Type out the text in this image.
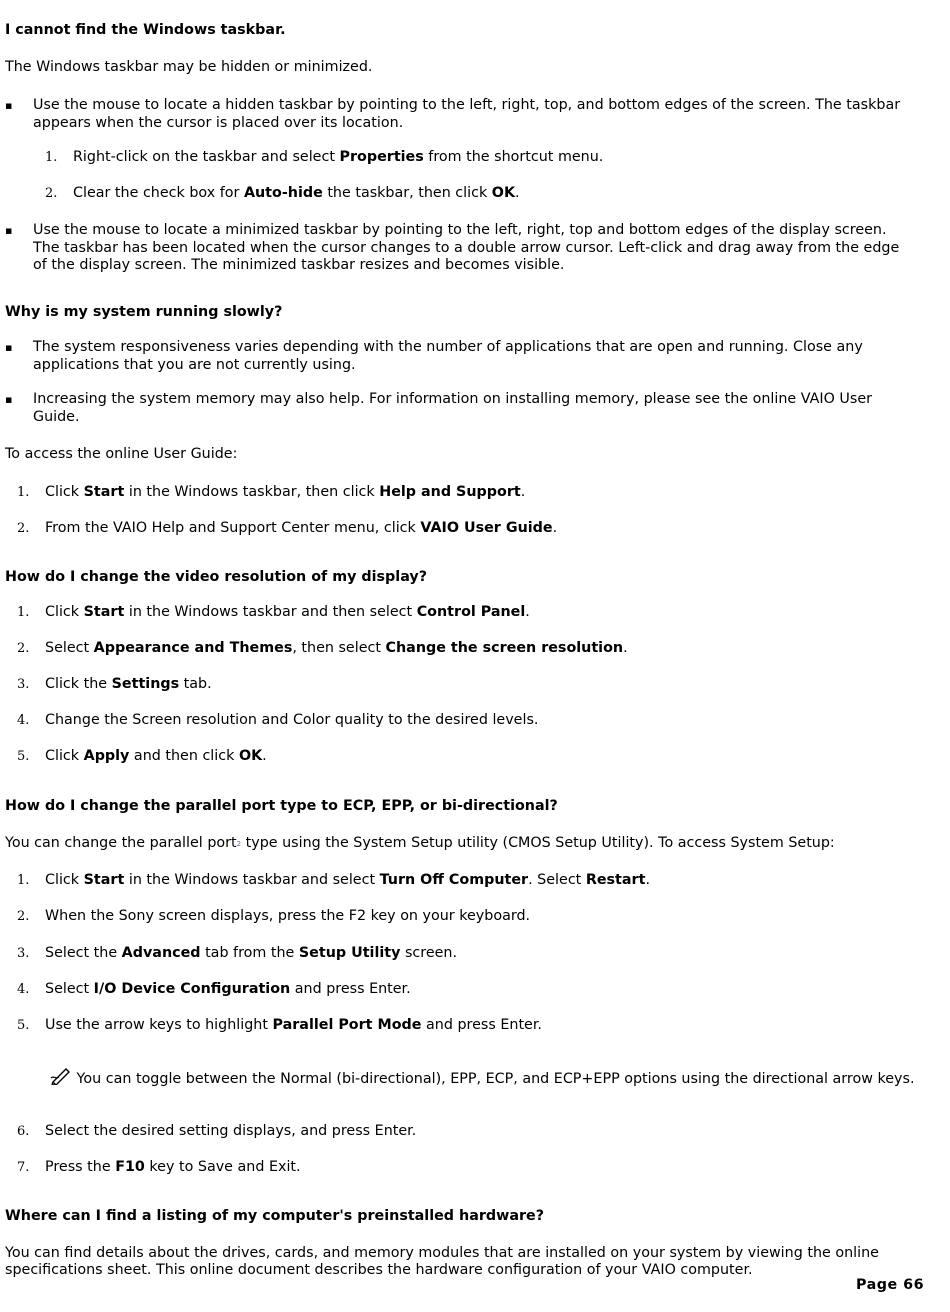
I cannot find the Windows taskbar.
The Windows taskbar may be hidden or minimized.
▪ Use the mouse to locate a hidden taskbar by pointing to the left, right, top, and bottom edges of the screen. The taskbar appears when the cursor is placed over its location.
1. Right-click on the taskbar and select Properties from the shortcut menu.
2. Clear the check box for Auto-hide the taskbar, then click OK.
▪ Use the mouse to locate a minimized taskbar by pointing to the left, right, top and bottom edges of the display screen. The taskbar has been located when the cursor changes to a double arrow cursor. Left-click and drag away from the edge of the display screen. The minimized taskbar resizes and becomes visible.
Why is my system running slowly?
▪ The system responsiveness varies depending with the number of applications that are open and running. Close any applications that you are not currently using.
▪ Increasing the system memory may also help. For information on installing memory, please see the online VAIO User Guide.
To access the online User Guide:
1. Click Start in the Windows taskbar, then click Help and Support.
2. From the VAIO Help and Support Center menu, click VAIO User Guide.
How do I change the video resolution of my display?
1. Click Start in the Windows taskbar and then select Control Panel.
2. Select Appearance and Themes, then select Change the screen resolution.
3. Click the Settings tab.
4. Change the Screen resolution and Color quality to the desired levels.
5. Click Apply and then click OK.
How do I change the parallel port type to ECP, EPP, or bi-directional?
You can change the parallel port2 type using the System Setup utility (CMOS Setup Utility). To access System Setup:
1. Click Start in the Windows taskbar and select Turn Off Computer. Select Restart.
2. When the Sony screen displays, press the F2 key on your keyboard.
3. Select the Advanced tab from the Setup Utility screen.
4. Select I/O Device Configuration and press Enter.
5. Use the arrow keys to highlight Parallel Port Mode and press Enter.
You can toggle between the Normal (bi-directional), EPP, ECP, and ECP+EPP options using the directional arrow keys.
6. Select the desired setting displays, and press Enter.
7. Press the F10 key to Save and Exit.
Where can I find a listing of my computer's preinstalled hardware?
You can find details about the drives, cards, and memory modules that are installed on your system by viewing the online specifications sheet. This online document describes the hardware configuration of your VAIO computer.
Page 66
